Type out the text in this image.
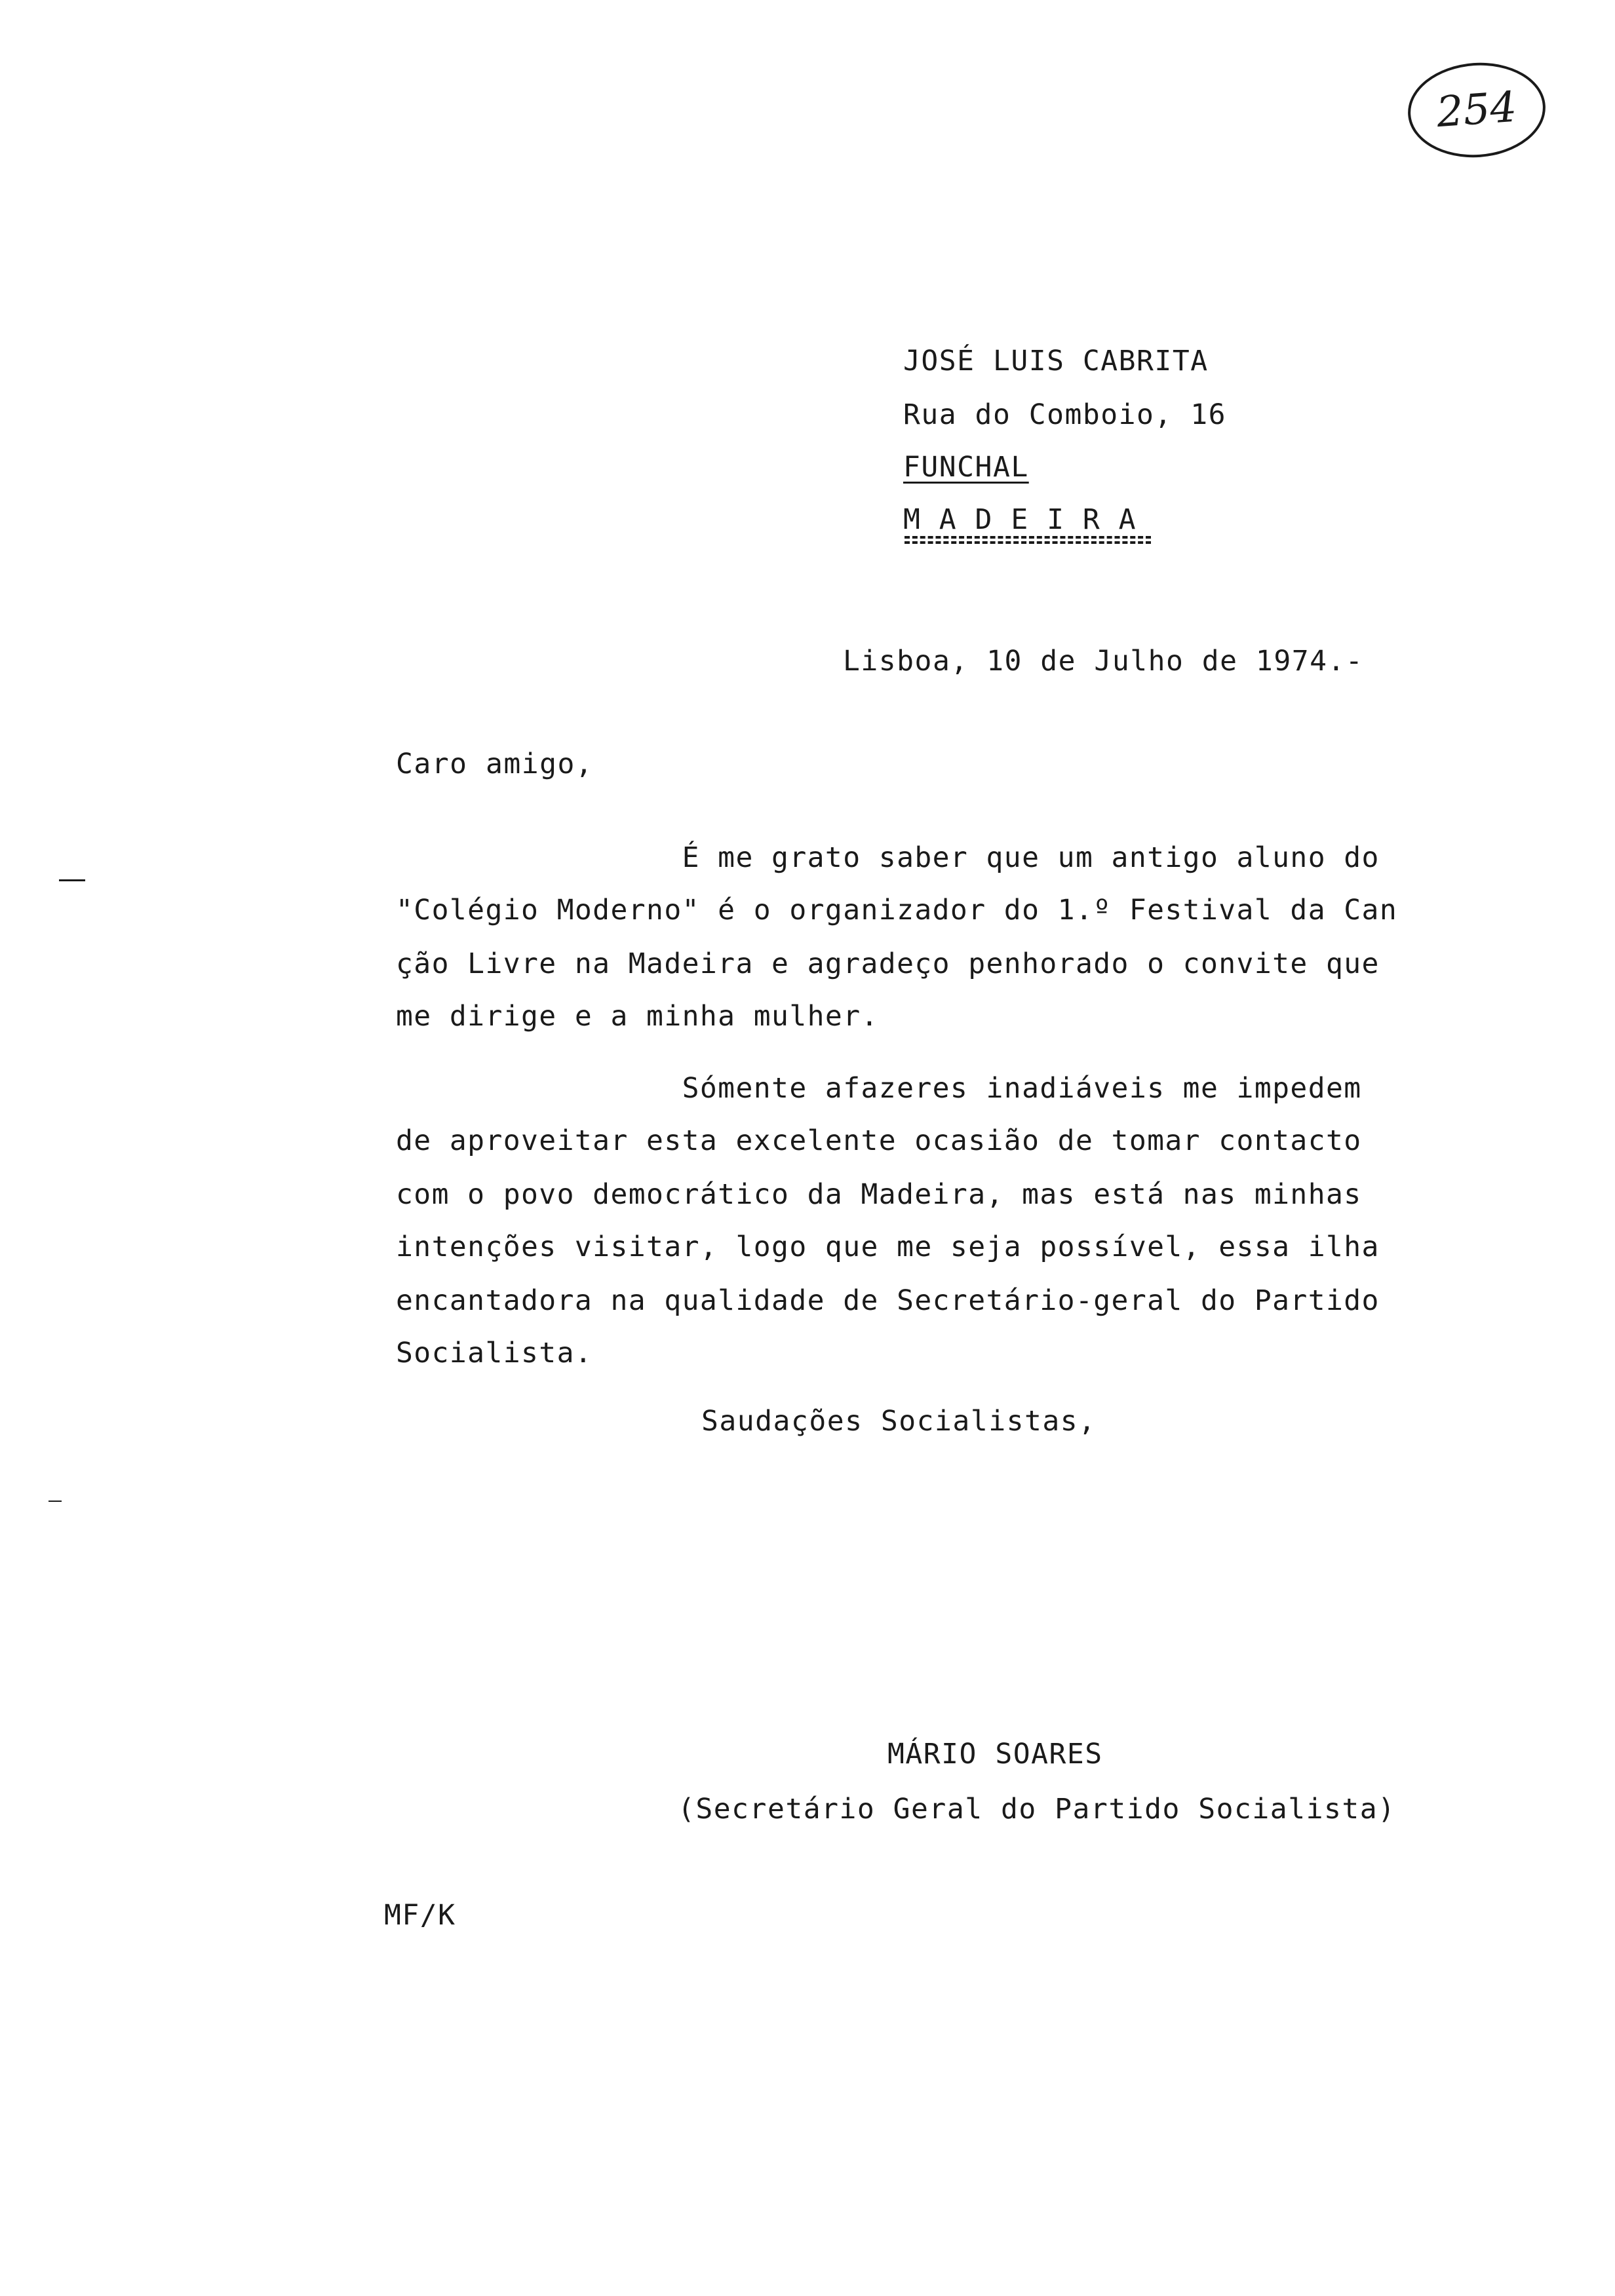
254
JOSÉ LUIS CABRITA
Rua do Comboio, 16
FUNCHAL
M A D E I R A
Lisboa, 10 de Julho de 1974.-
Caro amigo,
É me grato saber que um antigo aluno do
"Colégio Moderno" é o organizador do 1.º Festival da Can
ção Livre na Madeira e agradeço penhorado o convite que
me dirige e a minha mulher.
Sómente afazeres inadiáveis me impedem
de aproveitar esta excelente ocasião de tomar contacto
com o povo democrático da Madeira, mas está nas minhas
intenções visitar, logo que me seja possível, essa ilha
encantadora na qualidade de Secretário-geral do Partido
Socialista.
Saudações Socialistas,
MÁRIO SOARES
(Secretário Geral do Partido Socialista)
MF/K
